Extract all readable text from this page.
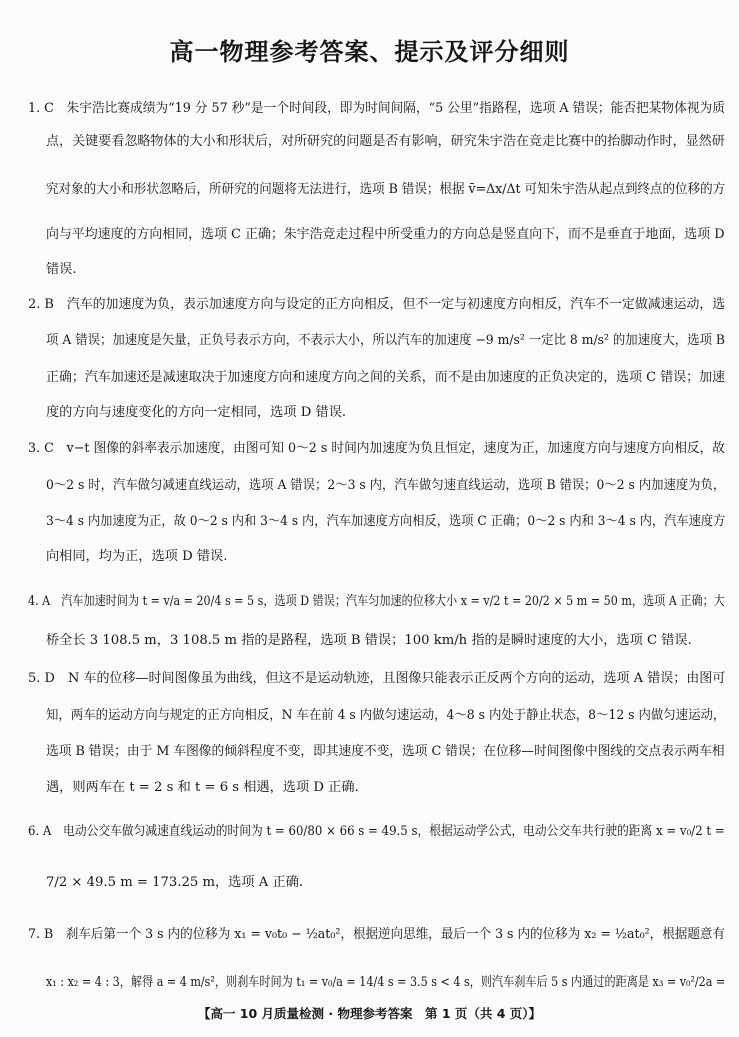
高一物理参考答案、提示及评分细则
1. C　朱宇浩比赛成绩为“19 分 57 秒”是一个时间段，即为时间间隔，“5 公里”指路程，选项 A 错误；能否把某物体视为质
点，关键要看忽略物体的大小和形状后，对所研究的问题是否有影响，研究朱宇浩在竞走比赛中的抬脚动作时，显然研
究对象的大小和形状忽略后，所研究的问题将无法进行，选项 B 错误；根据 v̄=Δx/Δt 可知朱宇浩从起点到终点的位移的方
向与平均速度的方向相同，选项 C 正确；朱宇浩竞走过程中所受重力的方向总是竖直向下，而不是垂直于地面，选项 D
错误.
2. B　汽车的加速度为负，表示加速度方向与设定的正方向相反，但不一定与初速度方向相反，汽车不一定做减速运动，选
项 A 错误；加速度是矢量，正负号表示方向，不表示大小，所以汽车的加速度 −9 m/s² 一定比 8 m/s² 的加速度大，选项 B
正确；汽车加速还是减速取决于加速度方向和速度方向之间的关系，而不是由加速度的正负决定的，选项 C 错误；加速
度的方向与速度变化的方向一定相同，选项 D 错误.
3. C　v−t 图像的斜率表示加速度，由图可知 0～2 s 时间内加速度为负且恒定，速度为正，加速度方向与速度方向相反，故
0～2 s 时，汽车做匀减速直线运动，选项 A 错误；2～3 s 内，汽车做匀速直线运动，选项 B 错误；0～2 s 内加速度为负，
3～4 s 内加速度为正，故 0～2 s 内和 3～4 s 内，汽车加速度方向相反，选项 C 正确；0～2 s 内和 3～4 s 内，汽车速度方
向相同，均为正，选项 D 错误.
4. A　汽车加速时间为 t = v/a = 20/4 s = 5 s，选项 D 错误；汽车匀加速的位移大小 x = v/2 t = 20/2 × 5 m = 50 m，选项 A 正确；大
桥全长 3 108.5 m，3 108.5 m 指的是路程，选项 B 错误；100 km/h 指的是瞬时速度的大小，选项 C 错误.
5. D　N 车的位移—时间图像虽为曲线，但这不是运动轨迹，且图像只能表示正反两个方向的运动，选项 A 错误；由图可
知，两车的运动方向与规定的正方向相反，N 车在前 4 s 内做匀速运动，4～8 s 内处于静止状态，8～12 s 内做匀速运动，
选项 B 错误；由于 M 车图像的倾斜程度不变，即其速度不变，选项 C 错误；在位移—时间图像中图线的交点表示两车相
遇，则两车在 t = 2 s 和 t = 6 s 相遇，选项 D 正确.
6. A　电动公交车做匀减速直线运动的时间为 t = 60/80 × 66 s = 49.5 s，根据运动学公式，电动公交车共行驶的距离 x = v₀/2 t =
7/2 × 49.5 m = 173.25 m，选项 A 正确.
7. B　刹车后第一个 3 s 内的位移为 x₁ = v₀t₀ − ½at₀²，根据逆向思维，最后一个 3 s 内的位移为 x₂ = ½at₀²，根据题意有
x₁ : x₂ = 4 : 3，解得 a = 4 m/s²，则刹车时间为 t₁ = v₀/a = 14/4 s = 3.5 s < 4 s，则汽车刹车后 5 s 内通过的距离是 x₃ = v₀²/2a =
【高一 10 月质量检测 · 物理参考答案　第 1 页（共 4 页）】
